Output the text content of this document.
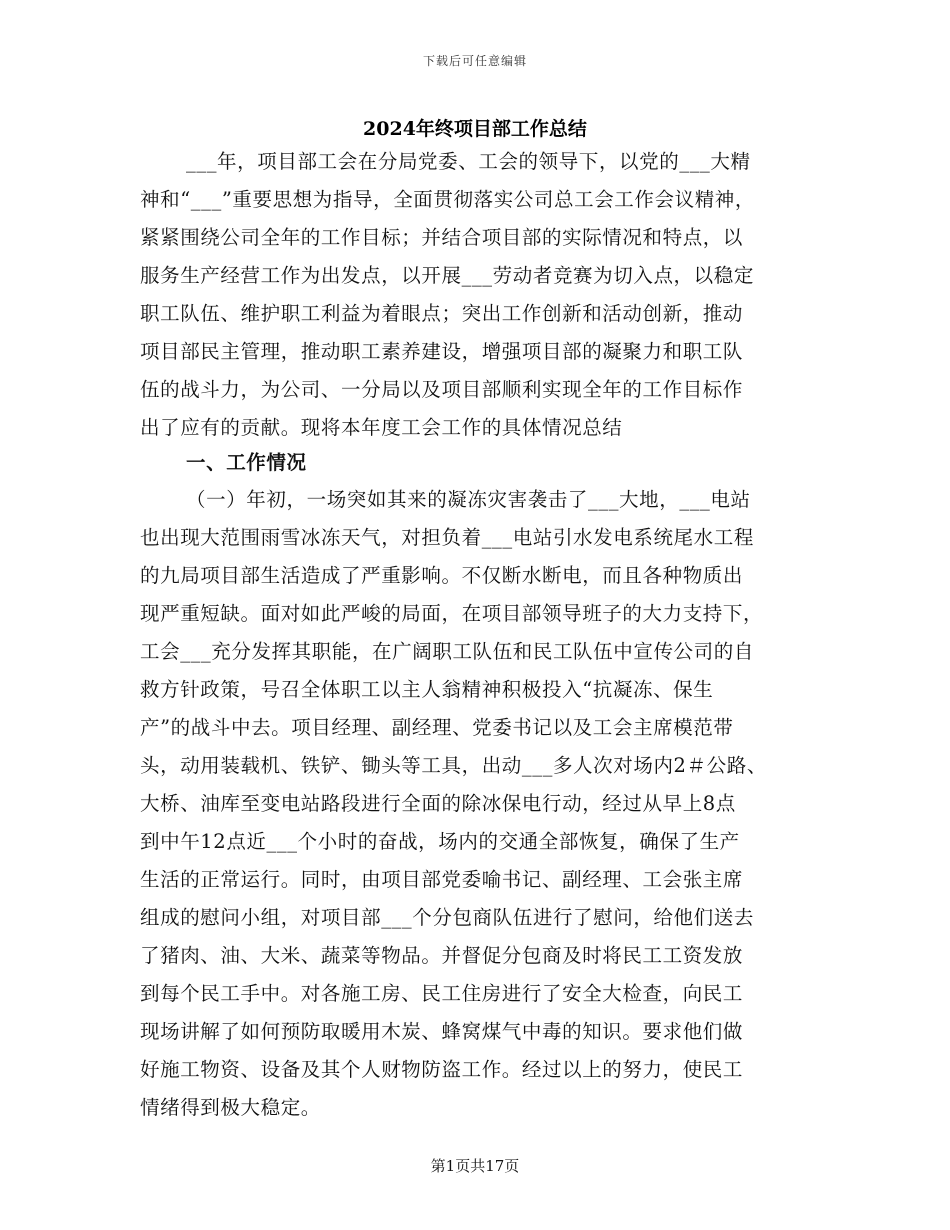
下载后可任意编辑
2024年终项目部工作总结
___年，项目部工会在分局党委、工会的领导下，以党的___大精
神和“___”重要思想为指导，全面贯彻落实公司总工会工作会议精神，
紧紧围绕公司全年的工作目标；并结合项目部的实际情况和特点，以
服务生产经营工作为出发点，以开展___劳动者竞赛为切入点，以稳定
职工队伍、维护职工利益为着眼点；突出工作创新和活动创新，推动
项目部民主管理，推动职工素养建设，增强项目部的凝聚力和职工队
伍的战斗力，为公司、一分局以及项目部顺利实现全年的工作目标作
出了应有的贡献。现将本年度工会工作的具体情况总结
一、工作情况
（一）年初，一场突如其来的凝冻灾害袭击了___大地，___电站
也出现大范围雨雪冰冻天气，对担负着___电站引水发电系统尾水工程
的九局项目部生活造成了严重影响。不仅断水断电，而且各种物质出
现严重短缺。面对如此严峻的局面，在项目部领导班子的大力支持下，
工会___充分发挥其职能，在广阔职工队伍和民工队伍中宣传公司的自
救方针政策，号召全体职工以主人翁精神积极投入“抗凝冻、保生
产”的战斗中去。项目经理、副经理、党委书记以及工会主席模范带
头，动用装载机、铁铲、锄头等工具，出动___多人次对场内2＃公路、
大桥、油库至变电站路段进行全面的除冰保电行动，经过从早上8点
到中午12点近___个小时的奋战，场内的交通全部恢复，确保了生产
生活的正常运行。同时，由项目部党委喻书记、副经理、工会张主席
组成的慰问小组，对项目部___个分包商队伍进行了慰问，给他们送去
了猪肉、油、大米、蔬菜等物品。并督促分包商及时将民工工资发放
到每个民工手中。对各施工房、民工住房进行了安全大检查，向民工
现场讲解了如何预防取暖用木炭、蜂窝煤气中毒的知识。要求他们做
好施工物资、设备及其个人财物防盗工作。经过以上的努力，使民工
情绪得到极大稳定。
第1页共17页
